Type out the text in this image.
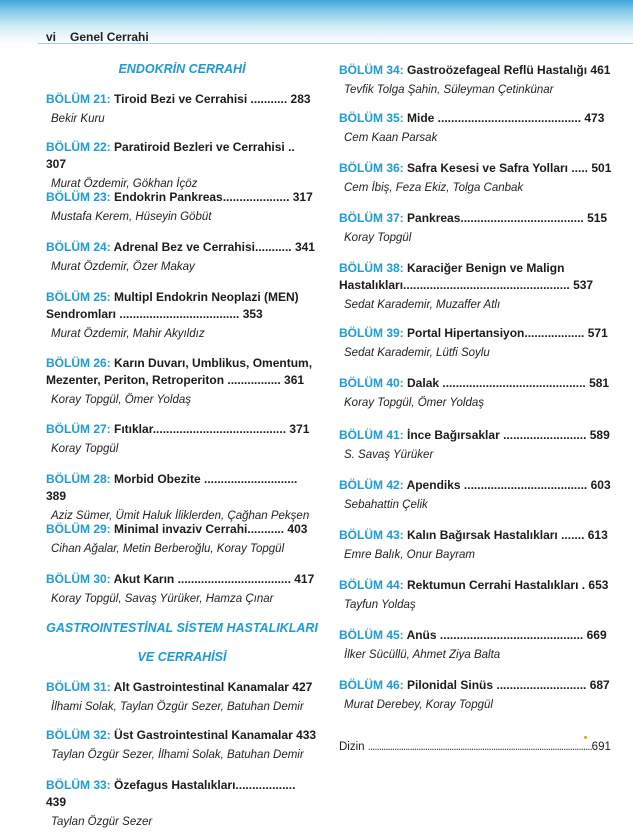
vi Genel Cerrahi
ENDOKRİN CERRAHİ
BÖLÜM 21: Tiroid Bezi ve Cerrahisi ........... 283
Bekir Kuru
BÖLÜM 22: Paratiroid Bezleri ve Cerrahisi .. 307
Murat Özdemir, Gökhan İçöz
BÖLÜM 23: Endokrin Pankreas.................... 317
Mustafa Kerem, Hüseyin Göbüt
BÖLÜM 24: Adrenal Bez ve Cerrahisi........... 341
Murat Özdemir, Özer Makay
BÖLÜM 25: Multipl Endokrin Neoplazi (MEN)
Sendromları .................................... 353
Murat Özdemir, Mahir Akyıldız
BÖLÜM 26: Karın Duvarı, Umblikus, Omentum,
Mezenter, Periton, Retroperiton ................ 361
Koray Topgül, Ömer Yoldaş
BÖLÜM 27: Fıtıklar........................................ 371
Koray Topgül
BÖLÜM 28: Morbid Obezite ............................ 389
Aziz Sümer, Ümit Haluk İliklerden, Çağhan Pekşen
BÖLÜM 29: Minimal invaziv Cerrahi........... 403
Cihan Ağalar, Metin Berberoğlu, Koray Topgül
BÖLÜM 30: Akut Karın .................................. 417
Koray Topgül, Savaş Yürüker, Hamza Çınar
GASTROINTESTİNAL SİSTEM HASTALIKLARI
VE CERRAHİSİ
BÖLÜM 31: Alt Gastrointestinal Kanamalar 427
İlhami Solak, Taylan Özgür Sezer, Batuhan Demir
BÖLÜM 32: Üst Gastrointestinal Kanamalar 433
Taylan Özgür Sezer, İlhami Solak, Batuhan Demir
BÖLÜM 33: Özefagus Hastalıkları.................. 439
Taylan Özgür Sezer
BÖLÜM 34: Gastroözefageal Reflü Hastalığı 461
Tevfik Tolga Şahin, Süleyman Çetinkünar
BÖLÜM 35: Mide ........................................... 473
Cem Kaan Parsak
BÖLÜM 36: Safra Kesesi ve Safra Yolları ..... 501
Cem İbiş, Feza Ekiz, Tolga Canbak
BÖLÜM 37: Pankreas..................................... 515
Koray Topgül
BÖLÜM 38: Karaciğer Benign ve Malign
Hastalıkları.................................................. 537
Sedat Karademir, Muzaffer Atlı
BÖLÜM 39: Portal Hipertansiyon.................. 571
Sedat Karademir, Lütfi Soylu
BÖLÜM 40: Dalak ........................................... 581
Koray Topgül, Ömer Yoldaş
BÖLÜM 41: İnce Bağırsaklar ......................... 589
S. Savaş Yürüker
BÖLÜM 42: Apendiks ..................................... 603
Sebahattin Çelik
BÖLÜM 43: Kalın Bağırsak Hastalıkları ....... 613
Emre Balık, Onur Bayram
BÖLÜM 44: Rektumun Cerrahi Hastalıkları . 653
Tayfun Yoldaş
BÖLÜM 45: Anüs ........................................... 669
İlker Sücüllü, Ahmet Ziya Balta
BÖLÜM 46: Pilonidal Sinüs ........................... 687
Murat Derebey, Koray Topgül
Dizin ......................................................................................................691
